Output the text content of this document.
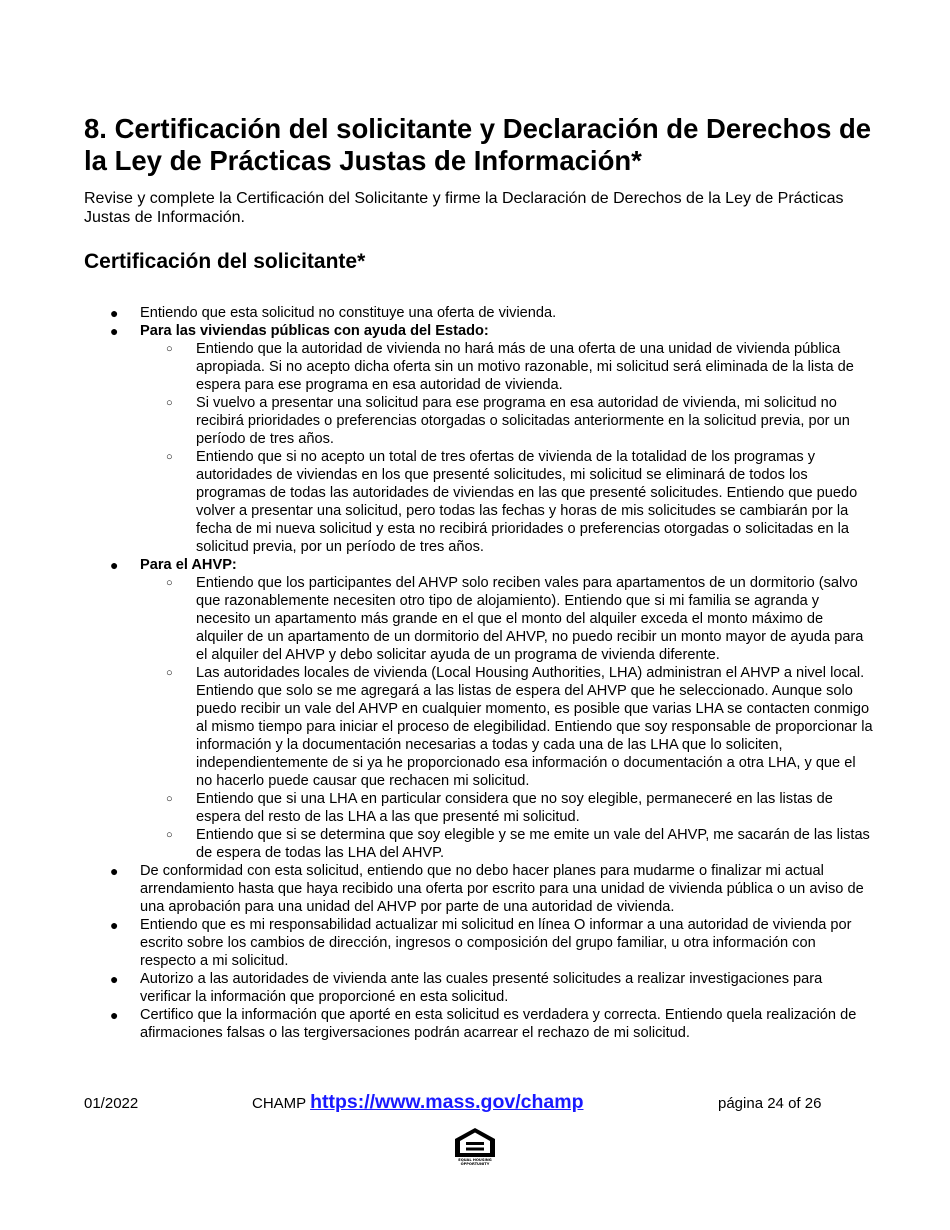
8. Certificación del solicitante y Declaración de Derechos de la Ley de Prácticas Justas de Información*

Revise y complete la Certificación del Solicitante y firme la Declaración de Derechos de la Ley de Prácticas Justas de Información.

Certificación del solicitante*
● Entiendo que esta solicitud no constituye una oferta de vivienda.
● Para las viviendas públicas con ayuda del Estado:
○ Entiendo que la autoridad de vivienda no hará más de una oferta de una unidad de vivienda pública apropiada. Si no acepto dicha oferta sin un motivo razonable, mi solicitud será eliminada de la lista de espera para ese programa en esa autoridad de vivienda.
○ Si vuelvo a presentar una solicitud para ese programa en esa autoridad de vivienda, mi solicitud no recibirá prioridades o preferencias otorgadas o solicitadas anteriormente en la solicitud previa, por un período de tres años.
○ Entiendo que si no acepto un total de tres ofertas de vivienda de la totalidad de los programas y autoridades de viviendas en los que presenté solicitudes, mi solicitud se eliminará de todos los programas de todas las autoridades de viviendas en las que presenté solicitudes. Entiendo que puedo volver a presentar una solicitud, pero todas las fechas y horas de mis solicitudes se cambiarán por la fecha de mi nueva solicitud y esta no recibirá prioridades o preferencias otorgadas o solicitadas en la solicitud previa, por un período de tres años.
● Para el AHVP:
○ Entiendo que los participantes del AHVP solo reciben vales para apartamentos de un dormitorio (salvo que razonablemente necesiten otro tipo de alojamiento). Entiendo que si mi familia se agranda y necesito un apartamento más grande en el que el monto del alquiler exceda el monto máximo de alquiler de un apartamento de un dormitorio del AHVP, no puedo recibir un monto mayor de ayuda para el alquiler del AHVP y debo solicitar ayuda de un programa de vivienda diferente.
○ Las autoridades locales de vivienda (Local Housing Authorities, LHA) administran el AHVP a nivel local. Entiendo que solo se me agregará a las listas de espera del AHVP que he seleccionado. Aunque solo puedo recibir un vale del AHVP en cualquier momento, es posible que varias LHA se contacten conmigo al mismo tiempo para iniciar el proceso de elegibilidad. Entiendo que soy responsable de proporcionar la información y la documentación necesarias a todas y cada una de las LHA que lo soliciten, independientemente de si ya he proporcionado esa información o documentación a otra LHA, y que el no hacerlo puede causar que rechacen mi solicitud.
○ Entiendo que si una LHA en particular considera que no soy elegible, permaneceré en las listas de espera del resto de las LHA a las que presenté mi solicitud.
○ Entiendo que si se determina que soy elegible y se me emite un vale del AHVP, me sacarán de las listas de espera de todas las LHA del AHVP.
● De conformidad con esta solicitud, entiendo que no debo hacer planes para mudarme o finalizar mi actual arrendamiento hasta que haya recibido una oferta por escrito para una unidad de vivienda pública o un aviso de una aprobación para una unidad del AHVP por parte de una autoridad de vivienda.
● Entiendo que es mi responsabilidad actualizar mi solicitud en línea O informar a una autoridad de vivienda por escrito sobre los cambios de dirección, ingresos o composición del grupo familiar, u otra información con respecto a mi solicitud.
● Autorizo a las autoridades de vivienda ante las cuales presenté solicitudes a realizar investigaciones para verificar la información que proporcioné en esta solicitud.
● Certifico que la información que aporté en esta solicitud es verdadera y correcta. Entiendo quela realización de afirmaciones falsas o las tergiversaciones podrán acarrear el rechazo de mi solicitud.
01/2022	CHAMP https://www.mass.gov/champ	página 24 of 26
EQUAL HOUSING
OPPORTUNITY
